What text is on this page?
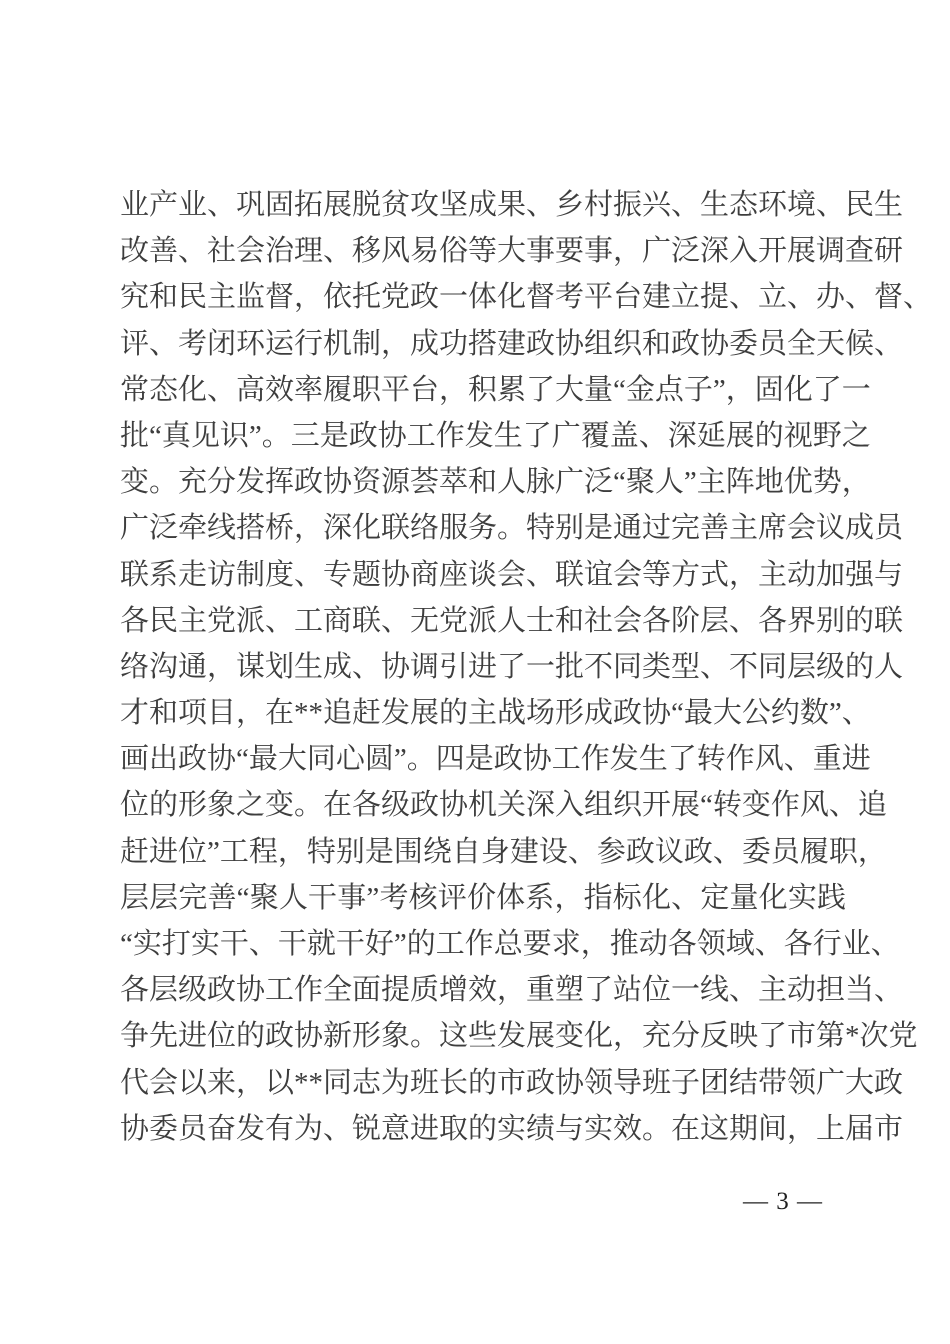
业产业、巩固拓展脱贫攻坚成果、乡村振兴、生态环境、民生
改善、社会治理、移风易俗等大事要事，广泛深入开展调查研
究和民主监督，依托党政一体化督考平台建立提、立、办、督、
评、考闭环运行机制，成功搭建政协组织和政协委员全天候、
常态化、高效率履职平台，积累了大量“金点子”，固化了一
批“真见识”。三是政协工作发生了广覆盖、深延展的视野之
变。充分发挥政协资源荟萃和人脉广泛“聚人”主阵地优势，
广泛牵线搭桥，深化联络服务。特别是通过完善主席会议成员
联系走访制度、专题协商座谈会、联谊会等方式，主动加强与
各民主党派、工商联、无党派人士和社会各阶层、各界别的联
络沟通，谋划生成、协调引进了一批不同类型、不同层级的人
才和项目，在**追赶发展的主战场形成政协“最大公约数”、
画出政协“最大同心圆”。四是政协工作发生了转作风、重进
位的形象之变。在各级政协机关深入组织开展“转变作风、追
赶进位”工程，特别是围绕自身建设、参政议政、委员履职，
层层完善“聚人干事”考核评价体系，指标化、定量化实践
“实打实干、干就干好”的工作总要求，推动各领域、各行业、
各层级政协工作全面提质增效，重塑了站位一线、主动担当、
争先进位的政协新形象。这些发展变化，充分反映了市第*次党
代会以来，以**同志为班长的市政协领导班子团结带领广大政
协委员奋发有为、锐意进取的实绩与实效。在这期间，上届市
— 3 —
